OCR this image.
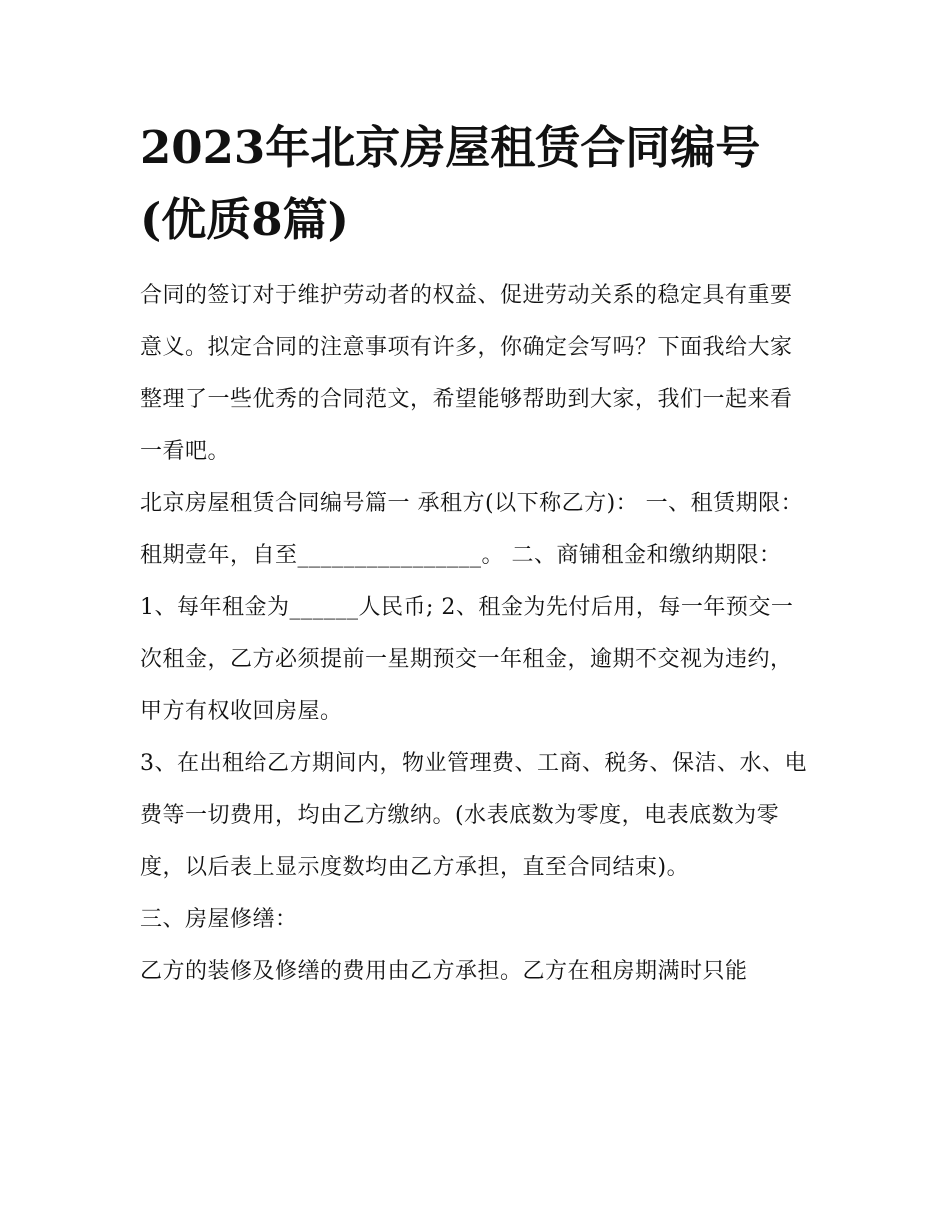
2023年北京房屋租赁合同编号(优质8篇)

合同的签订对于维护劳动者的权益、促进劳动关系的稳定具有重要意义。拟定合同的注意事项有许多，你确定会写吗？下面我给大家整理了一些优秀的合同范文，希望能够帮助到大家，我们一起来看一看吧。

北京房屋租赁合同编号篇一 承租方(以下称乙方)： 一、租赁期限： 租期壹年，自至________________。 二、商铺租金和缴纳期限：

1、每年租金为______人民币; 2、租金为先付后用，每一年预交一次租金，乙方必须提前一星期预交一年租金，逾期不交视为违约，甲方有权收回房屋。

3、在出租给乙方期间内，物业管理费、工商、税务、保洁、水、电费等一切费用，均由乙方缴纳。(水表底数为零度，电表底数为零度，以后表上显示度数均由乙方承担，直至合同结束)。

三、房屋修缮：

乙方的装修及修缮的费用由乙方承担。乙方在租房期满时只能
